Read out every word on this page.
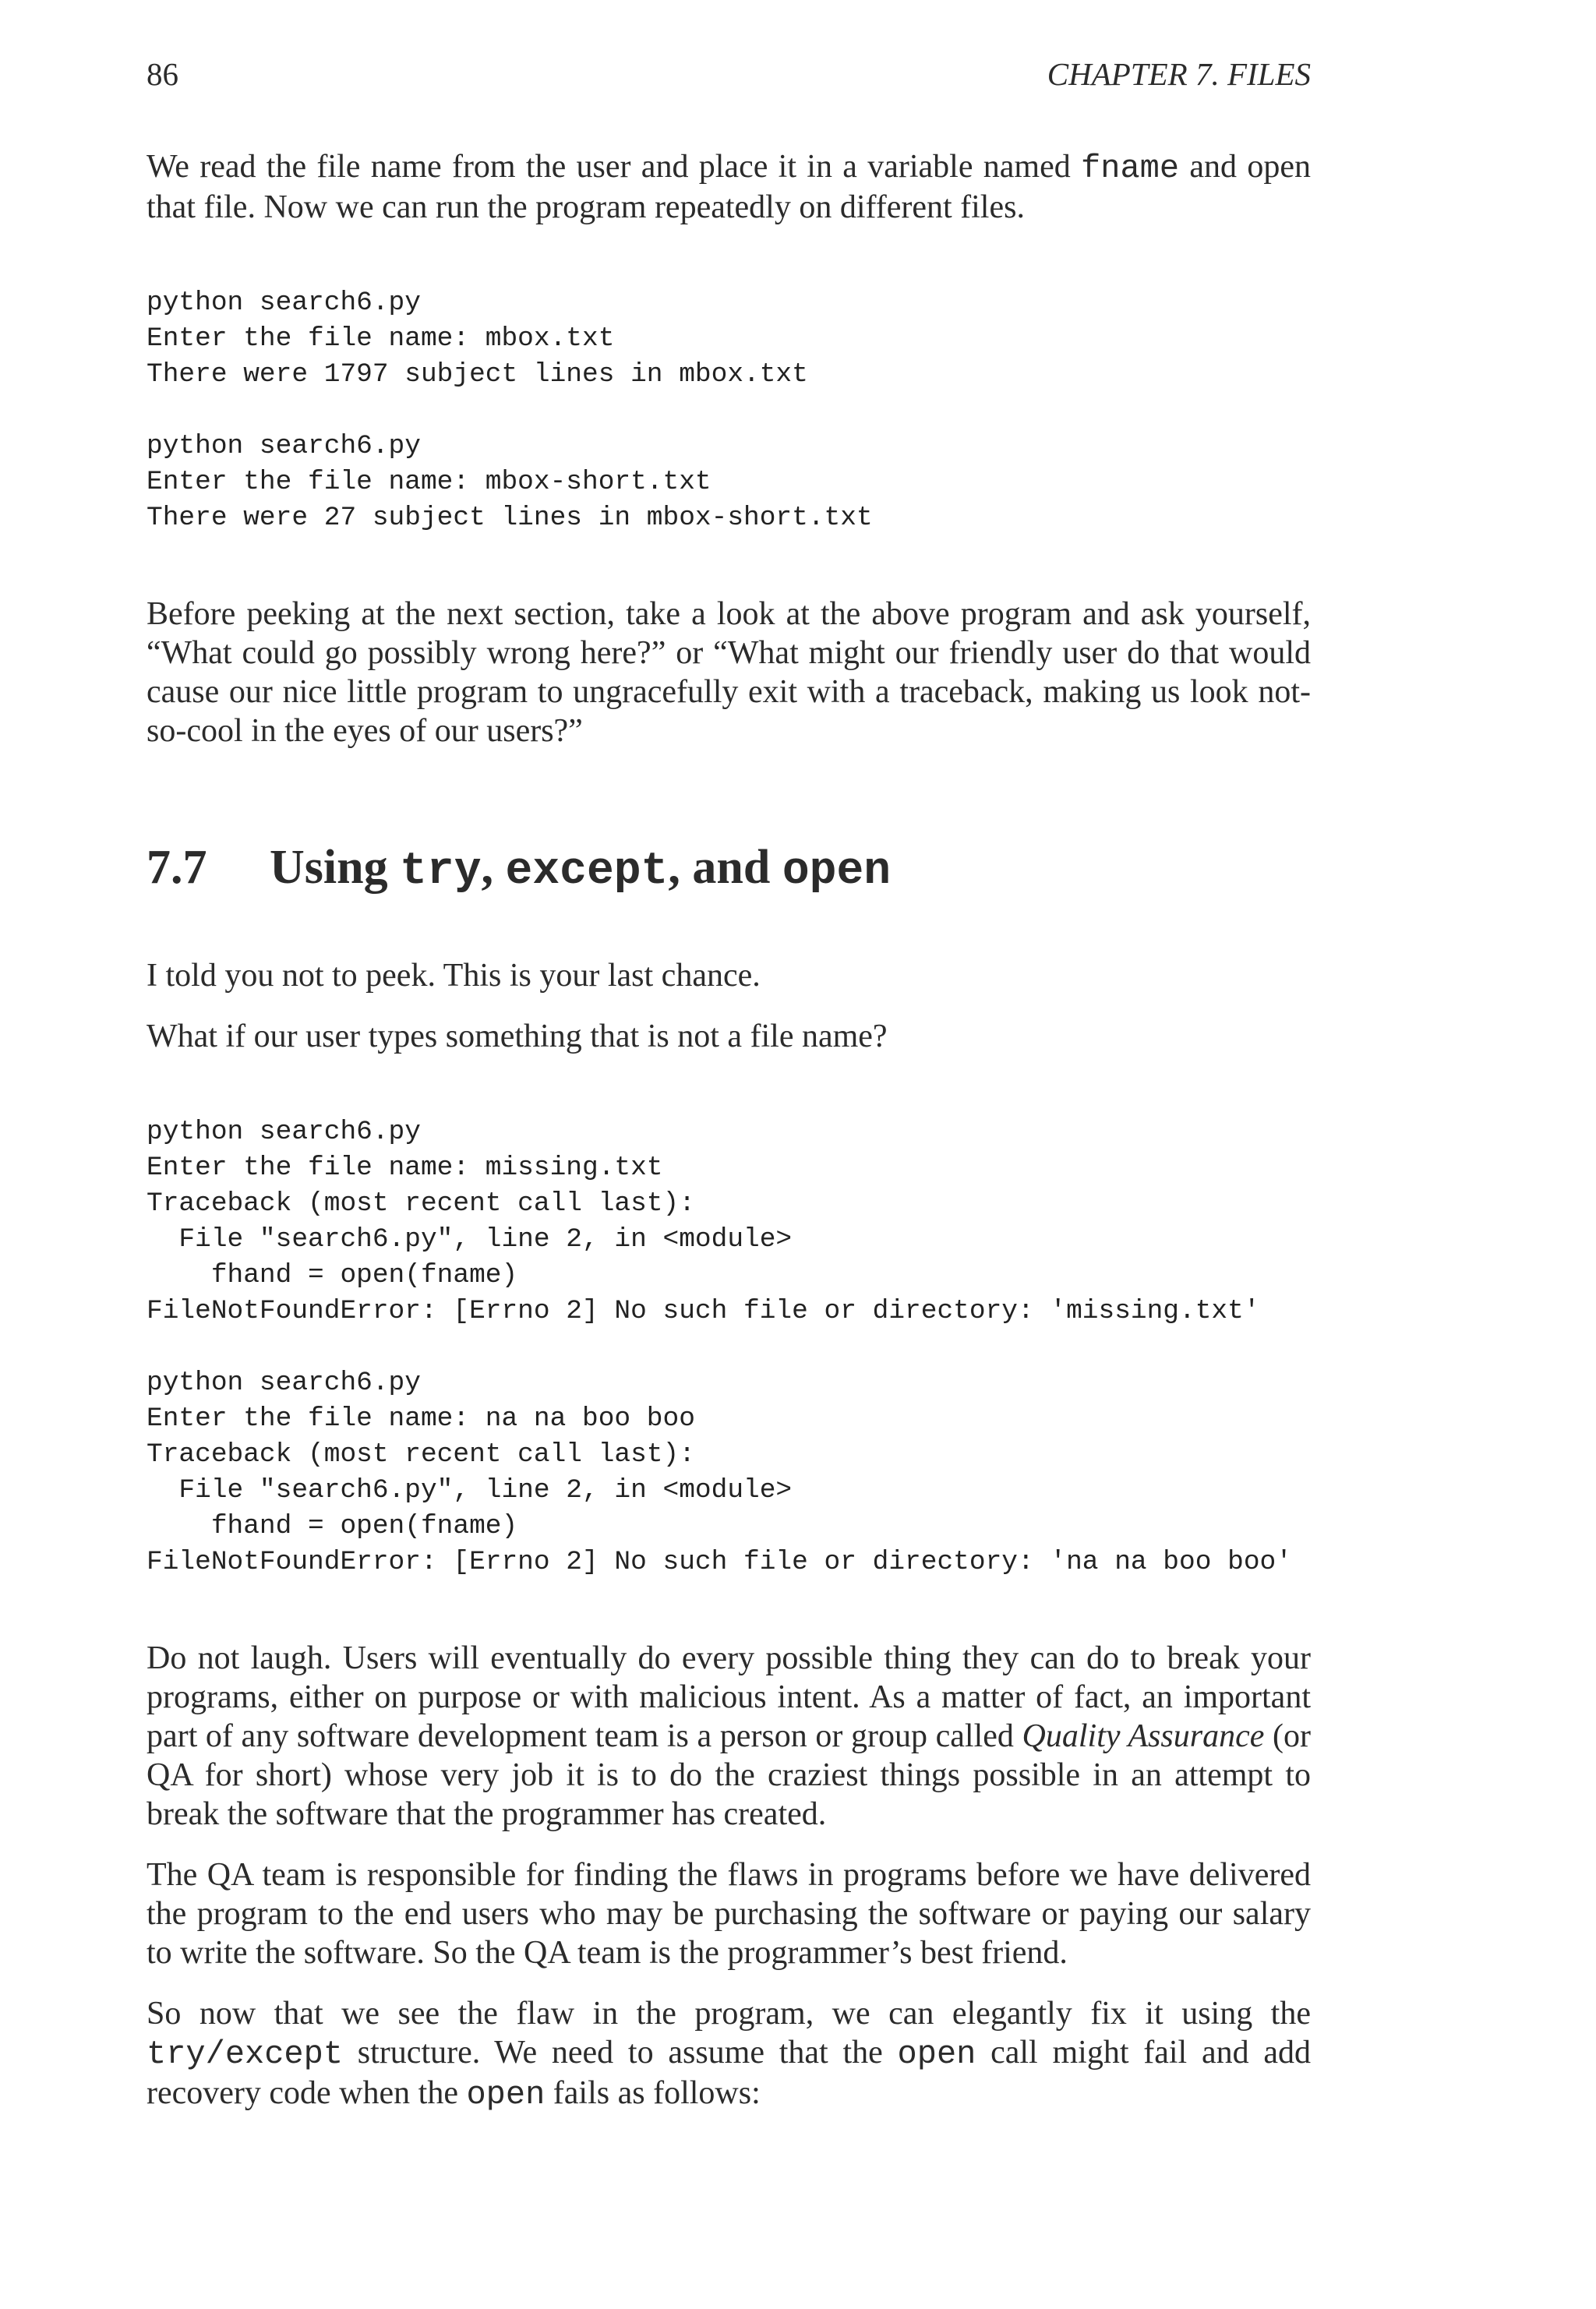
86	CHAPTER 7. FILES

We read the file name from the user and place it in a variable named fname and open that file. Now we can run the program repeatedly on different files.

python search6.py
Enter the file name: mbox.txt
There were 1797 subject lines in mbox.txt
python search6.py
Enter the file name: mbox-short.txt
There were 27 subject lines in mbox-short.txt

Before peeking at the next section, take a look at the above program and ask yourself, “What could go possibly wrong here?” or “What might our friendly user do that would cause our nice little program to ungracefully exit with a traceback, making us look not-so-cool in the eyes of our users?”

7.7 Using try, except, and open

I told you not to peek. This is your last chance.

What if our user types something that is not a file name?

python search6.py
Enter the file name: missing.txt
Traceback (most recent call last):
File "search6.py", line 2, in <module>
fhand = open(fname)
FileNotFoundError: [Errno 2] No such file or directory: 'missing.txt'
python search6.py
Enter the file name: na na boo boo
Traceback (most recent call last):
File "search6.py", line 2, in <module>
fhand = open(fname)
FileNotFoundError: [Errno 2] No such file or directory: 'na na boo boo'

Do not laugh. Users will eventually do every possible thing they can do to break your programs, either on purpose or with malicious intent. As a matter of fact, an important part of any software development team is a person or group called Quality Assurance (or QA for short) whose very job it is to do the craziest things possible in an attempt to break the software that the programmer has created.

The QA team is responsible for finding the flaws in programs before we have delivered the program to the end users who may be purchasing the software or paying our salary to write the software. So the QA team is the programmer’s best friend.

So now that we see the flaw in the program, we can elegantly fix it using the try/except structure. We need to assume that the open call might fail and add recovery code when the open fails as follows:
